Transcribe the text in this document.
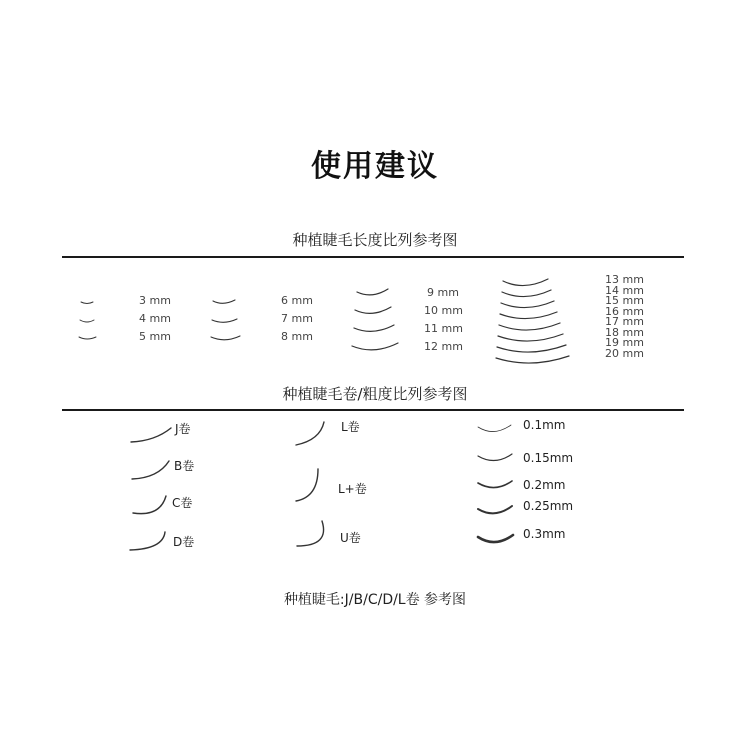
使用建议
种植睫毛长度比列参考图
3 mm
4 mm
5 mm
6 mm
7 mm
8 mm
9 mm
10 mm
11 mm
12 mm
13 mm
14 mm
15 mm
16 mm
17 mm
18 mm
19 mm
20 mm
种植睫毛卷/粗度比列参考图
J卷
B卷
C卷
D卷
L卷
L+卷
U卷
0.1mm
0.15mm
0.2mm
0.25mm
0.3mm
种植睫毛:J/B/C/D/L卷 参考图
